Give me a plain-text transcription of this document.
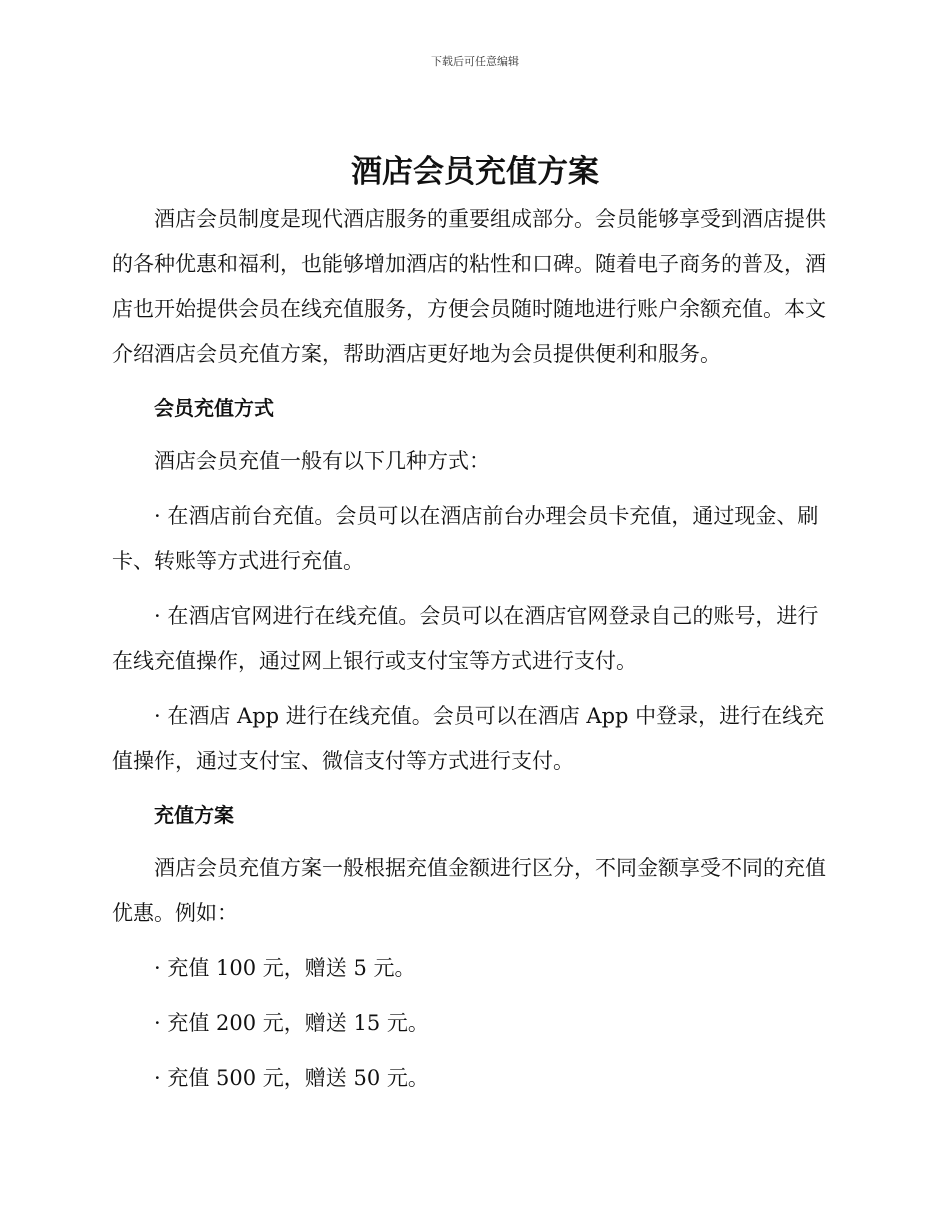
下载后可任意编辑
酒店会员充值方案

酒店会员制度是现代酒店服务的重要组成部分。会员能够享受到酒店提供的各种优惠和福利，也能够增加酒店的粘性和口碑。随着电子商务的普及，酒店也开始提供会员在线充值服务，方便会员随时随地进行账户余额充值。本文介绍酒店会员充值方案，帮助酒店更好地为会员提供便利和服务。

会员充值方式

酒店会员充值一般有以下几种方式：

· 在酒店前台充值。会员可以在酒店前台办理会员卡充值，通过现金、刷卡、转账等方式进行充值。

· 在酒店官网进行在线充值。会员可以在酒店官网登录自己的账号，进行在线充值操作，通过网上银行或支付宝等方式进行支付。

· 在酒店 App 进行在线充值。会员可以在酒店 App 中登录，进行在线充值操作，通过支付宝、微信支付等方式进行支付。

充值方案

酒店会员充值方案一般根据充值金额进行区分，不同金额享受不同的充值优惠。例如：

· 充值 100 元，赠送 5 元。

· 充值 200 元，赠送 15 元。

· 充值 500 元，赠送 50 元。
